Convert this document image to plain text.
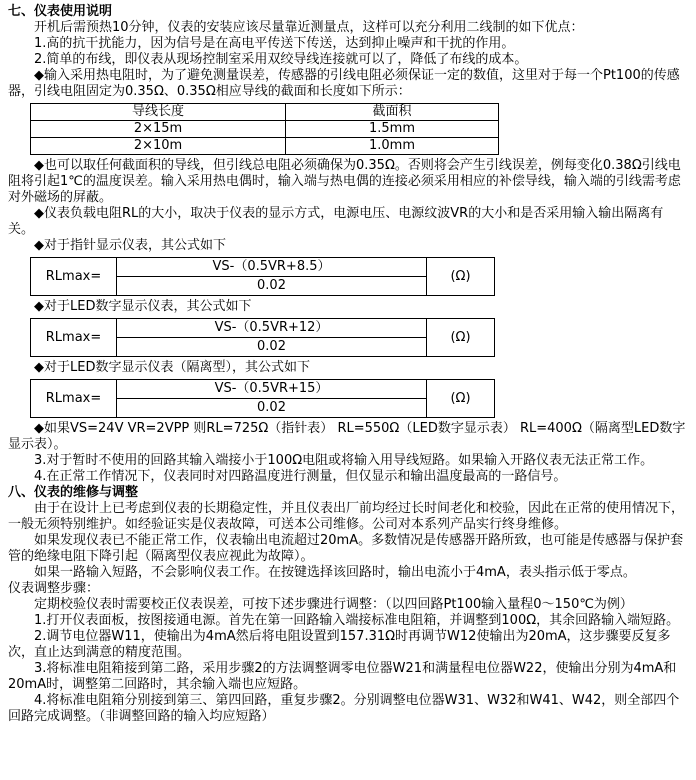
七、仪表使用说明

开机后需预热10分钟，仪表的安装应该尽量靠近测量点，这样可以充分利用二线制的如下优点：

1.高的抗干扰能力，因为信号是在高电平传送下传送，达到抑止噪声和干扰的作用。

2.简单的布线，即仪表从现场控制室采用双绞导线连接就可以了，降低了布线的成本。

◆输入采用热电阻时，为了避免测量误差，传感器的引线电阻必须保证一定的数值，这里对于每一个Pt100的传感器，引线电阻固定为0.35Ω、0.35Ω相应导线的截面和长度如下所示：

导线长度	截面积
2×15m	1.5mm
2×10m	1.0mm

◆也可以取任何截面积的导线，但引线总电阻必须确保为0.35Ω。否则将会产生引线误差，例每变化0.38Ω引线电阻将引起1℃的温度误差。输入采用热电偶时，输入端与热电偶的连接必须采用相应的补偿导线，输入端的引线需考虑对外磁场的屏蔽。

◆仪表负载电阻RL的大小，取决于仪表的显示方式，电源电压、电源纹波VR的大小和是否采用输入输出隔离有关。

◆对于指针显示仪表，其公式如下

RLmax=	
VS-（0.5VR+8.5）
0.02
	(Ω)

◆对于LED数字显示仪表，其公式如下

RLmax=	
VS-（0.5VR+12）
0.02
	(Ω)

◆对于LED数字显示仪表（隔离型），其公式如下

RLmax=	
VS-（0.5VR+15）
0.02
	(Ω)

◆如果VS=24V VR=2VPP 则RL=725Ω（指针表） RL=550Ω（LED数字显示表） RL=400Ω（隔离型LED数字显示表）。

3.对于暂时不使用的回路其输入端接小于100Ω电阻或将输入用导线短路。如果输入开路仪表无法正常工作。

4.在正常工作情况下，仪表同时对四路温度进行测量，但仅显示和输出温度最高的一路信号。

八、仪表的维修与调整

由于在设计上已考虑到仪表的长期稳定性，并且仪表出厂前均经过长时间老化和校验，因此在正常的使用情况下，一般无须特别维护。如经验证实是仪表故障，可送本公司维修。公司对本系列产品实行终身维修。

如果发现仪表已不能正常工作，仪表输出电流超过20mA。多数情况是传感器开路所致，也可能是传感器与保护套管的绝缘电阻下降引起（隔离型仪表应视此为故障）。

如果一路输入短路，不会影响仪表工作。在按键选择该回路时，输出电流小于4mA，表头指示低于零点。

仪表调整步骤：

定期校验仪表时需要校正仪表误差，可按下述步骤进行调整：（以四回路Pt100输入量程0～150℃为例）

1.打开仪表面板，按图接通电源。首先在第一回路输入端接标准电阻箱，并调整到100Ω，其余回路输入端短路。

2.调节电位器W11，使输出为4mA然后将电阻设置到157.31Ω时再调节W12使输出为20mA，这步骤要反复多次，直止达到满意的精度范围。

3.将标准电阻箱接到第二路，采用步骤2的方法调整调零电位器W21和满量程电位器W22，使输出分别为4mA和20mA时，调整第二回路时，其余输入端也应短路。

4.将标准电阻箱分别接到第三、第四回路，重复步骤2。分别调整电位器W31、W32和W41、W42，则全部四个回路完成调整。（非调整回路的输入均应短路）
